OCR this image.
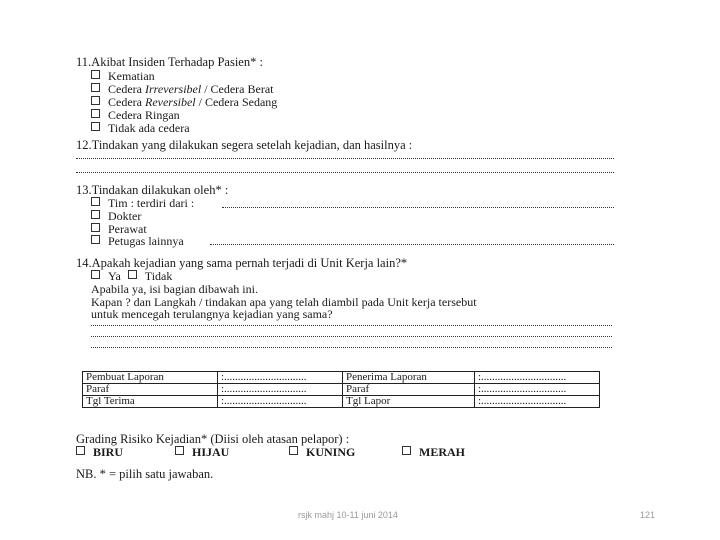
11.Akibat Insiden Terhadap Pasien* :
Kematian
Cedera Irreversibel / Cedera Berat
Cedera Reversibel / Cedera Sedang
Cedera Ringan
Tidak ada cedera
12.Tindakan yang dilakukan segera setelah kejadian, dan hasilnya :
13.Tindakan dilakukan oleh* :
Tim : terdiri dari :
Dokter
Perawat
Petugas lainnya
14.Apakah kejadian yang sama pernah terjadi di Unit Kerja lain?*
Ya Tidak
Apabila ya, isi bagian dibawah ini.
Kapan ? dan Langkah / tindakan apa yang telah diambil pada Unit kerja tersebut
untuk mencegah terulangnya kejadian yang sama?
Pembuat Laporan	:..............................	Penerima Laporan	:...............................
Paraf	:..............................	Paraf	:...............................
Tgl Terima	:..............................	Tgl Lapor	:...............................
Grading Risiko Kejadian* (Diisi oleh atasan pelapor) :
BIRU	HIJAU	KUNING	MERAH
NB. * = pilih satu jawaban.
rsjk mahj 10-11 juni 2014	121
